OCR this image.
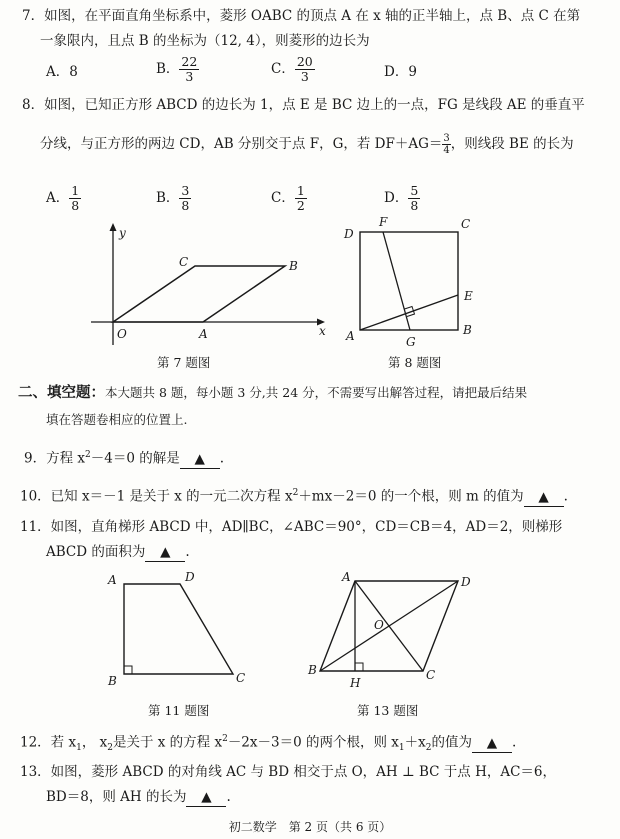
7．如图，在平面直角坐标系中，菱形 OABC 的顶点 A 在 x 轴的正半轴上，点 B、点 C 在第
一象限内，且点 B 的坐标为（12, 4），则菱形的边长为
A．8	B． $\frac{22}{3}$	C． $\frac{20}{3}$	D．9
8．如图，已知正方形 ABCD 的边长为 1，点 E 是 BC 边上的一点，FG 是线段 AE 的垂直平
分线，与正方形的两边 CD，AB 分别交于点 F，G，若 $DF+AG= \frac{3}{4}$ ，则线段 BE 的长为
A． $\frac{1}{8}$	B． $\frac{3}{8}$	C． $\frac{1}{2}$	D． $\frac{5}{8}$
y
x
O	A
B
C
第 7 题图
D
F	C
E
A	G
B
第 8 题图
二、填空题：本大题共 8 题，每小题 3 分,共 24 分，不需要写出解答过程，请把最后结果
填在答题卷相应的位置上.
9．方程 $x^2-4=0$ 的解是 ▲ .
10．已知 x＝－1 是关于 x 的一元二次方程 $x^2+mx-2=0$ 的一个根，则 m 的值为 ▲ .
11．如图，直角梯形 ABCD 中，AD∥BC，∠ABC＝90°，CD＝CB＝4，AD＝2，则梯形
ABCD 的面积为 ▲ .
A	D
B	C
第 11 题图
A	D
O
B
H
C
第 13 题图
12．若 $x_1$， $x_2$是关于 x 的方程 $x^2-2x-3=0$ 的两个根，则 $x_1+x_2$的值为 ▲ .
13．如图，菱形 ABCD 的对角线 AC 与 BD 相交于点 O，AH ⊥ BC 于点 H，AC＝6，
BD＝8，则 AH 的长为 ▲ .
初二数学　第 2 页（共 6 页）
